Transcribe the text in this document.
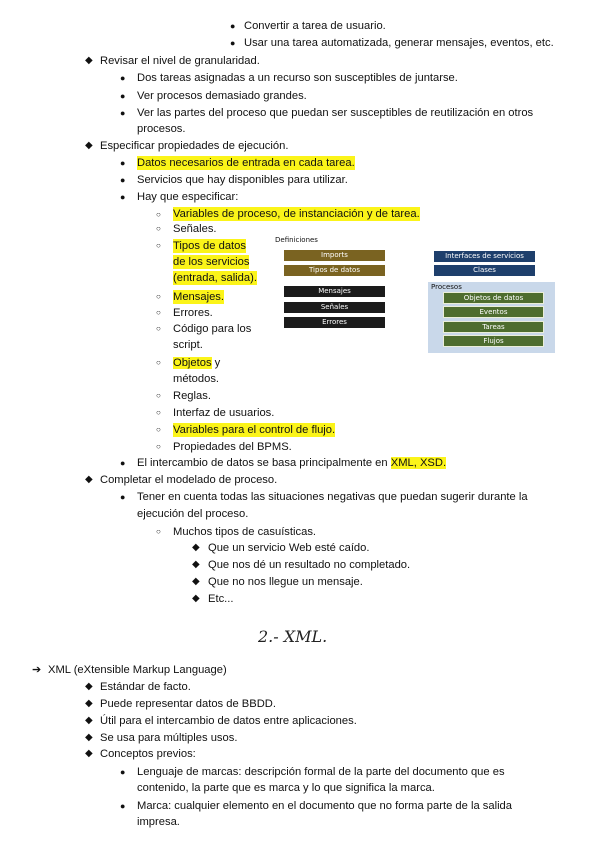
● Convertir a tarea de usuario.
● Usar una tarea automatizada, generar mensajes, eventos, etc.
◆ Revisar el nivel de granularidad.
● Dos tareas asignadas a un recurso son susceptibles de juntarse.
● Ver procesos demasiado grandes.
● Ver las partes del proceso que puedan ser susceptibles de reutilización en otros
procesos.
◆ Especificar propiedades de ejecución.
● Datos necesarios de entrada en cada tarea.
● Servicios que hay disponibles para utilizar.
● Hay que especificar:
○ Variables de proceso, de instanciación y de tarea.
○ Señales.
○ Tipos de datos
de los servicios
(entrada, salida).
○ Mensajes.
○ Errores.
○ Código para los
script.
○ Objetos y
métodos.
○ Reglas.
○ Interfaz de usuarios.
○ Variables para el control de flujo.
○ Propiedades del BPMS.
● El intercambio de datos se basa principalmente en XML, XSD.
◆ Completar el modelado de proceso.
● Tener en cuenta todas las situaciones negativas que puedan sugerir durante la
ejecución del proceso.
○ Muchos tipos de casuísticas.
◆ Que un servicio Web esté caído.
◆ Que nos dé un resultado no completado.
◆ Que no nos llegue un mensaje.
◆ Etc...
2.- XML.
➔ XML (eXtensible Markup Language)
◆ Estándar de facto.
◆ Puede representar datos de BBDD.
◆ Útil para el intercambio de datos entre aplicaciones.
◆ Se usa para múltiples usos.
◆ Conceptos previos:
● Lenguaje de marcas: descripción formal de la parte del documento que es
contenido, la parte que es marca y lo que significa la marca.
● Marca: cualquier elemento en el documento que no forma parte de la salida
impresa.
Definiciones
Imports
Tipos de datos
Mensajes
Señales
Errores
Interfaces de servicios
Clases
Procesos
Objetos de datos
Eventos
Tareas
Flujos
